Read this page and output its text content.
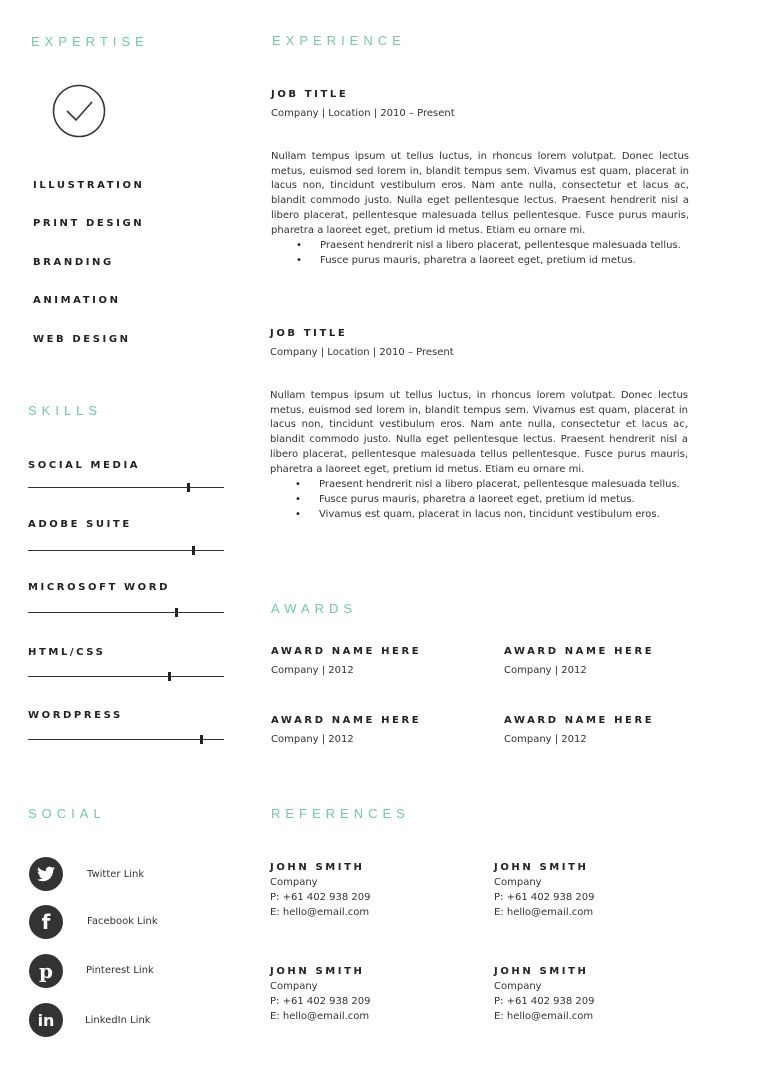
EXPERTISE
ILLUSTRATION
PRINT DESIGN
BRANDING
ANIMATION
WEB DESIGN
SKILLS
SOCIAL MEDIA
ADOBE SUITE
MICROSOFT WORD
HTML/CSS
WORDPRESS
SOCIAL
Twitter Link
f	Facebook Link
p	Pinterest Link
in	LinkedIn Link
EXPERIENCE
JOB TITLE
Company | Location | 2010 – Present
Nullam tempus ipsum ut tellus luctus, in rhoncus lorem volutpat. Donec lectus metus, euismod sed lorem in, blandit tempus sem. Vivamus est quam, placerat in lacus non, tincidunt vestibulum eros. Nam ante nulla, consectetur et lacus ac, blandit commodo justo. Nulla eget pellentesque lectus. Praesent hendrerit nisl a libero placerat, pellentesque malesuada tellus pellentesque. Fusce purus mauris, pharetra a laoreet eget, pretium id metus. Etiam eu ornare mi.
• Praesent hendrerit nisl a libero placerat, pellentesque malesuada tellus.
• Fusce purus mauris, pharetra a laoreet eget, pretium id metus.
JOB TITLE
Company | Location | 2010 – Present
Nullam tempus ipsum ut tellus luctus, in rhoncus lorem volutpat. Donec lectus metus, euismod sed lorem in, blandit tempus sem. Vivamus est quam, placerat in lacus non, tincidunt vestibulum eros. Nam ante nulla, consectetur et lacus ac, blandit commodo justo. Nulla eget pellentesque lectus. Praesent hendrerit nisl a libero placerat, pellentesque malesuada tellus pellentesque. Fusce purus mauris, pharetra a laoreet eget, pretium id metus. Etiam eu ornare mi.
• Praesent hendrerit nisl a libero placerat, pellentesque malesuada tellus.
• Fusce purus mauris, pharetra a laoreet eget, pretium id metus.
• Vivamus est quam, placerat in lacus non, tincidunt vestibulum eros.
AWARDS
AWARD NAME HERE
Company | 2012
AWARD NAME HERE
Company | 2012
AWARD NAME HERE
Company | 2012
AWARD NAME HERE
Company | 2012
REFERENCES
JOHN SMITH
Company
P: +61 402 938 209
E: hello@email.com
JOHN SMITH
Company
P: +61 402 938 209
E: hello@email.com
JOHN SMITH
Company
P: +61 402 938 209
E: hello@email.com
JOHN SMITH
Company
P: +61 402 938 209
E: hello@email.com
